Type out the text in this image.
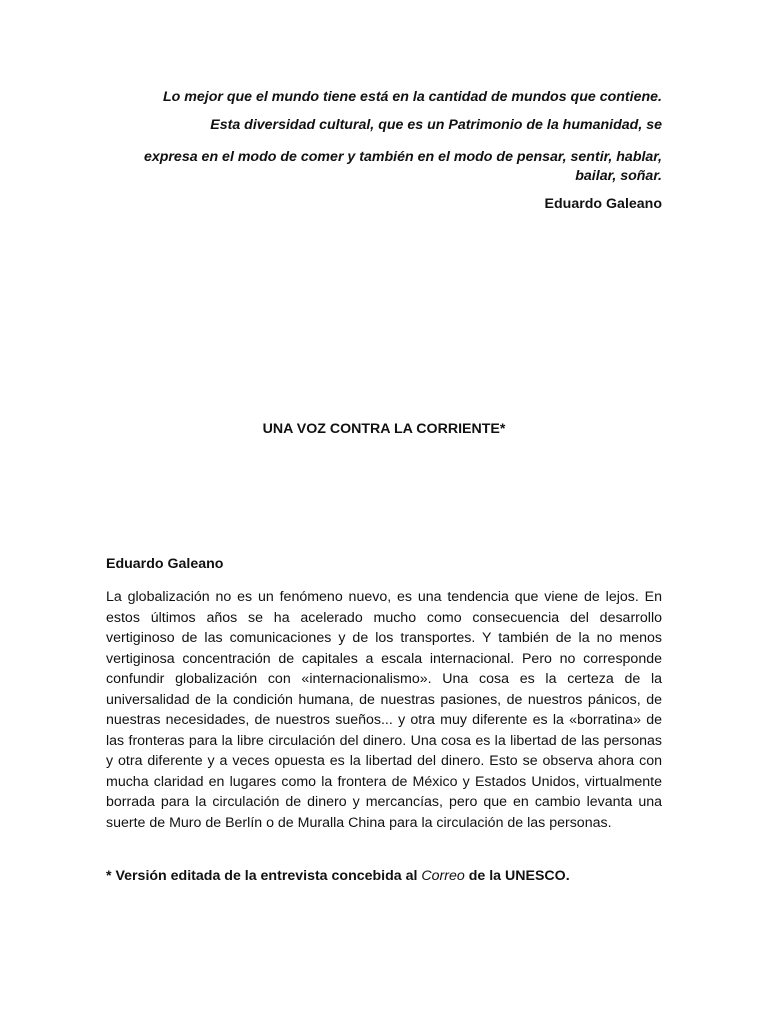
Lo mejor que el mundo tiene está en la cantidad de mundos que contiene.

Esta diversidad cultural, que es un Patrimonio de la humanidad, se

expresa en el modo de comer y también en el modo de pensar, sentir, hablar, bailar, soñar.

Eduardo Galeano

UNA VOZ CONTRA LA CORRIENTE*
Eduardo Galeano

La globalización no es un fenómeno nuevo, es una tendencia que viene de lejos. En estos últimos años se ha acelerado mucho como consecuencia del desarrollo vertiginoso de las comunicaciones y de los transportes. Y también de la no menos vertiginosa concentración de capitales a escala internacional. Pero no corresponde confundir globalización con «internacionalismo». Una cosa es la certeza de la universalidad de la condición humana, de nuestras pasiones, de nuestros pánicos, de nuestras necesidades, de nuestros sueños... y otra muy diferente es la «borratina» de las fronteras para la libre circulación del dinero. Una cosa es la libertad de las personas y otra diferente y a veces opuesta es la libertad del dinero. Esto se observa ahora con mucha claridad en lugares como la frontera de México y Estados Unidos, virtualmente borrada para la circulación de dinero y mercancías, pero que en cambio levanta una suerte de Muro de Berlín o de Muralla China para la circulación de las personas.

* Versión editada de la entrevista concebida al Correo de la UNESCO.
